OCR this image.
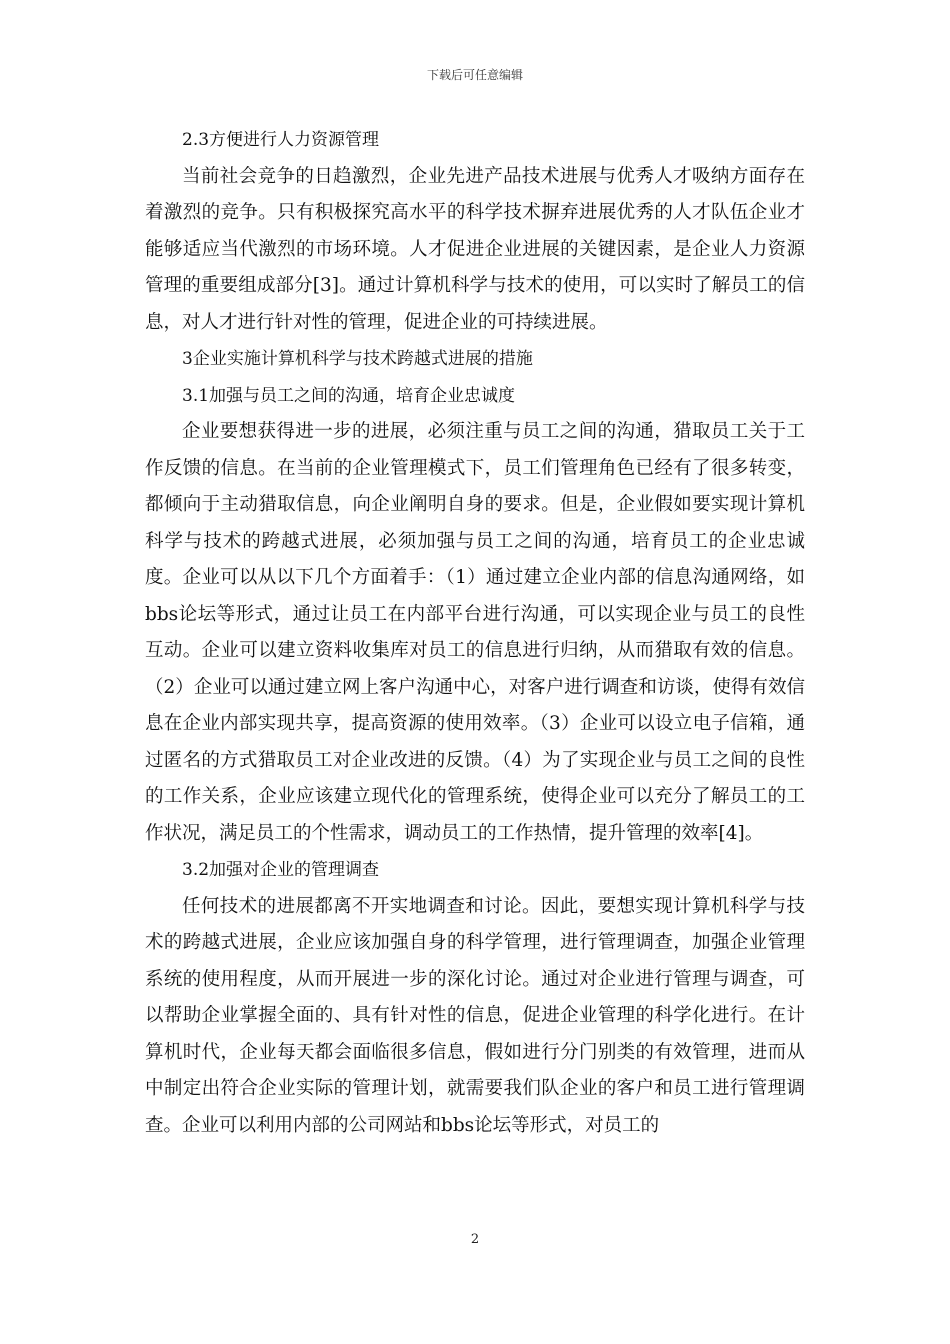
下载后可任意编辑
2.3方便进行人力资源管理

当前社会竞争的日趋激烈，企业先进产品技术进展与优秀人才吸纳方面存在着激烈的竞争。只有积极探究高水平的科学技术摒弃进展优秀的人才队伍企业才能够适应当代激烈的市场环境。人才促进企业进展的关键因素，是企业人力资源管理的重要组成部分[3]。通过计算机科学与技术的使用，可以实时了解员工的信息，对人才进行针对性的管理，促进企业的可持续进展。

3企业实施计算机科学与技术跨越式进展的措施
3.1加强与员工之间的沟通，培育企业忠诚度

企业要想获得进一步的进展，必须注重与员工之间的沟通，猎取员工关于工作反馈的信息。在当前的企业管理模式下，员工们管理角色已经有了很多转变，都倾向于主动猎取信息，向企业阐明自身的要求。但是，企业假如要实现计算机科学与技术的跨越式进展，必须加强与员工之间的沟通，培育员工的企业忠诚度。企业可以从以下几个方面着手：（1）通过建立企业内部的信息沟通网络，如bbs论坛等形式，通过让员工在内部平台进行沟通，可以实现企业与员工的良性互动。企业可以建立资料收集库对员工的信息进行归纳，从而猎取有效的信息。（2）企业可以通过建立网上客户沟通中心，对客户进行调查和访谈，使得有效信息在企业内部实现共享，提高资源的使用效率。（3）企业可以设立电子信箱，通过匿名的方式猎取员工对企业改进的反馈。（4）为了实现企业与员工之间的良性的工作关系，企业应该建立现代化的管理系统，使得企业可以充分了解员工的工作状况，满足员工的个性需求，调动员工的工作热情，提升管理的效率[4]。

3.2加强对企业的管理调查

任何技术的进展都离不开实地调查和讨论。因此，要想实现计算机科学与技术的跨越式进展，企业应该加强自身的科学管理，进行管理调查，加强企业管理系统的使用程度，从而开展进一步的深化讨论。通过对企业进行管理与调查，可以帮助企业掌握全面的、具有针对性的信息，促进企业管理的科学化进行。在计算机时代，企业每天都会面临很多信息，假如进行分门别类的有效管理，进而从中制定出符合企业实际的管理计划，就需要我们队企业的客户和员工进行管理调查。企业可以利用内部的公司网站和bbs论坛等形式，对员工的

2
